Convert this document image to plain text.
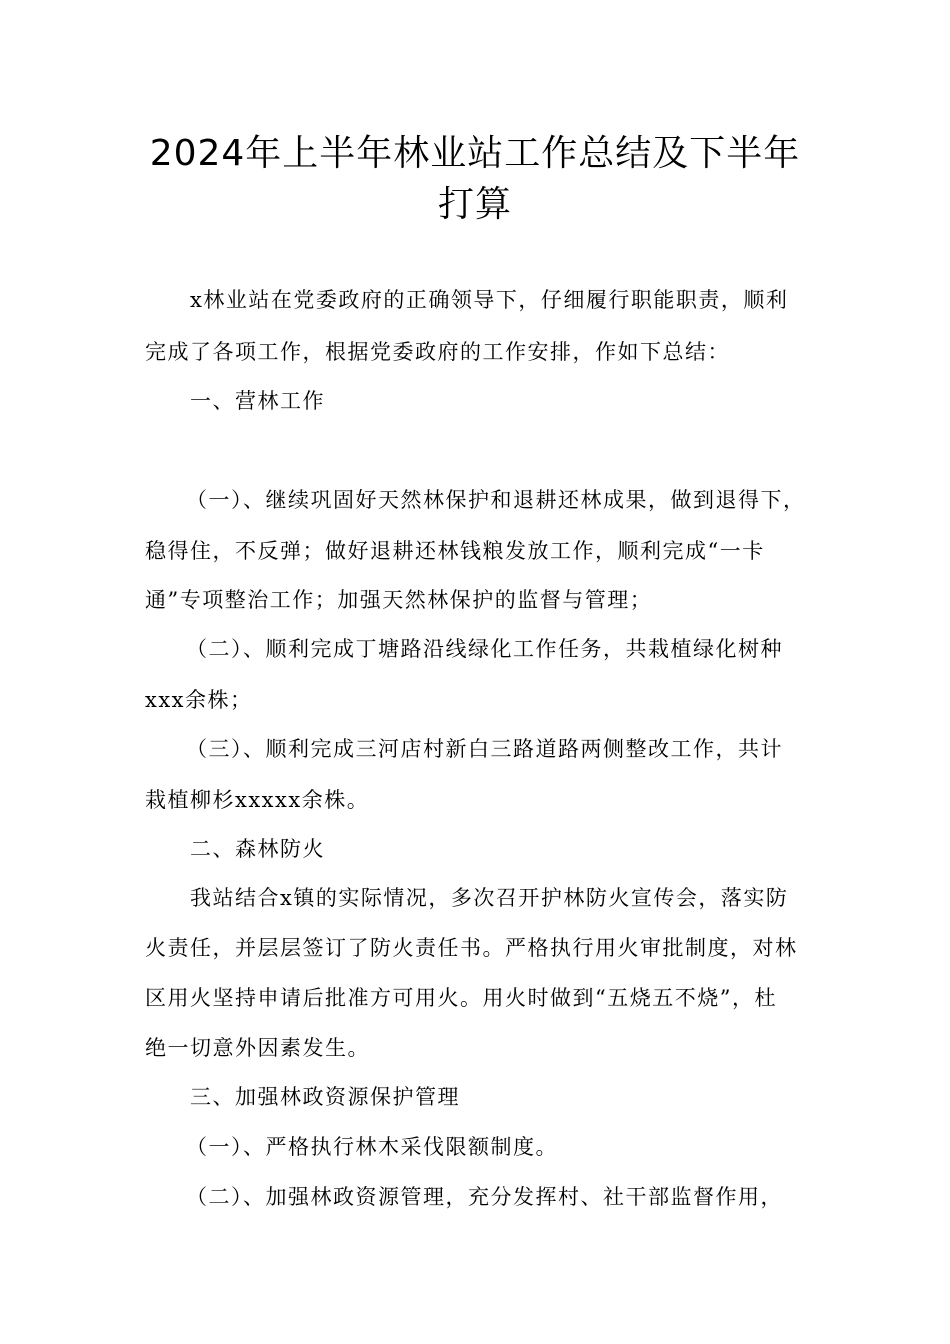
2024年上半年林业站工作总结及下半年
打算
x林业站在党委政府的正确领导下，仔细履行职能职责，顺利
完成了各项工作，根据党委政府的工作安排，作如下总结：
一、营林工作
（一）、继续巩固好天然林保护和退耕还林成果，做到退得下，
稳得住，不反弹；做好退耕还林钱粮发放工作，顺利完成“一卡
通”专项整治工作；加强天然林保护的监督与管理；
（二）、顺利完成丁塘路沿线绿化工作任务，共栽植绿化树种
xxx余株；
（三）、顺利完成三河店村新白三路道路两侧整改工作，共计
栽植柳杉xxxxx余株。
二、森林防火
我站结合x镇的实际情况，多次召开护林防火宣传会，落实防
火责任，并层层签订了防火责任书。严格执行用火审批制度，对林
区用火坚持申请后批准方可用火。用火时做到“五烧五不烧”，杜
绝一切意外因素发生。
三、加强林政资源保护管理
（一）、严格执行林木采伐限额制度。
（二）、加强林政资源管理，充分发挥村、社干部监督作用，
